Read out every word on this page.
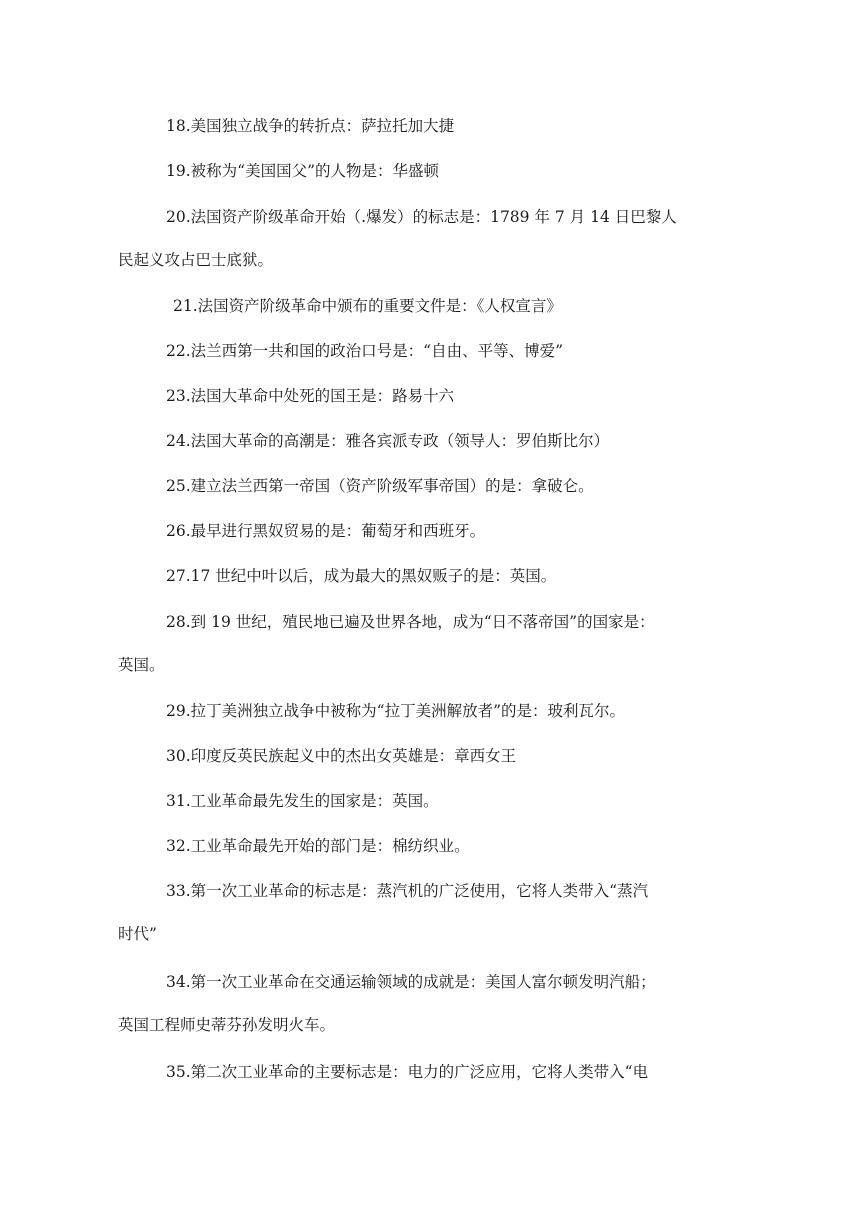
18.美国独立战争的转折点：萨拉托加大捷

19.被称为“美国国父”的人物是：华盛顿

20.法国资产阶级革命开始（.爆发）的标志是：1789 年 7 月 14 日巴黎人
民起义攻占巴士底狱。

21.法国资产阶级革命中颁布的重要文件是：《人权宣言》

22.法兰西第一共和国的政治口号是：“自由、平等、博爱”

23.法国大革命中处死的国王是：路易十六

24.法国大革命的高潮是：雅各宾派专政（领导人：罗伯斯比尔）

25.建立法兰西第一帝国（资产阶级军事帝国）的是：拿破仑。

26.最早进行黑奴贸易的是：葡萄牙和西班牙。

27.17 世纪中叶以后，成为最大的黑奴贩子的是：英国。

28.到 19 世纪，殖民地已遍及世界各地，成为“日不落帝国”的国家是：
英国。

29.拉丁美洲独立战争中被称为“拉丁美洲解放者”的是：玻利瓦尔。

30.印度反英民族起义中的杰出女英雄是：章西女王

31.工业革命最先发生的国家是：英国。

32.工业革命最先开始的部门是：棉纺织业。

33.第一次工业革命的标志是：蒸汽机的广泛使用，它将人类带入“蒸汽
时代”

34.第一次工业革命在交通运输领域的成就是：美国人富尔顿发明汽船；
英国工程师史蒂芬孙发明火车。

35.第二次工业革命的主要标志是：电力的广泛应用，它将人类带入“电
